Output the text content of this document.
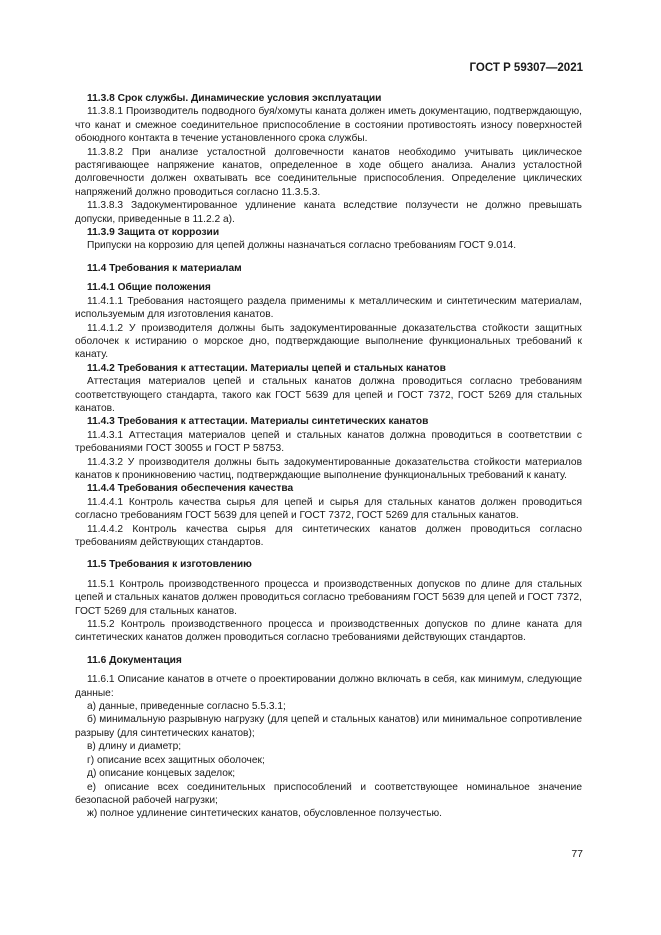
ГОСТ Р 59307—2021

11.3.8 Срок службы. Динамические условия эксплуатации

11.3.8.1 Производитель подводного буя/хомуты каната должен иметь документацию, подтверждающую, что канат и смежное соединительное приспособление в состоянии противостоять износу поверхностей обоюдного контакта в течение установленного срока службы.

11.3.8.2 При анализе усталостной долговечности канатов необходимо учитывать циклическое растягивающее напряжение канатов, определенное в ходе общего анализа. Анализ усталостной долговечности должен охватывать все соединительные приспособления. Определение циклических напряжений должно проводиться согласно 11.3.5.3.

11.3.8.3 Задокументированное удлинение каната вследствие ползучести не должно превышать допуски, приведенные в 11.2.2 а).

11.3.9 Защита от коррозии

Припуски на коррозию для цепей должны назначаться согласно требованиям ГОСТ 9.014.

11.4 Требования к материалам

11.4.1 Общие положения

11.4.1.1 Требования настоящего раздела применимы к металлическим и синтетическим материалам, используемым для изготовления канатов.

11.4.1.2 У производителя должны быть задокументированные доказательства стойкости защитных оболочек к истиранию о морское дно, подтверждающие выполнение функциональных требований к канату.

11.4.2 Требования к аттестации. Материалы цепей и стальных канатов

Аттестация материалов цепей и стальных канатов должна проводиться согласно требованиям соответствующего стандарта, такого как ГОСТ 5639 для цепей и ГОСТ 7372, ГОСТ 5269 для стальных канатов.

11.4.3 Требования к аттестации. Материалы синтетических канатов

11.4.3.1 Аттестация материалов цепей и стальных канатов должна проводиться в соответствии с требованиями ГОСТ 30055 и ГОСТ Р 58753.

11.4.3.2 У производителя должны быть задокументированные доказательства стойкости материалов канатов к проникновению частиц, подтверждающие выполнение функциональных требований к канату.

11.4.4 Требования обеспечения качества

11.4.4.1 Контроль качества сырья для цепей и сырья для стальных канатов должен проводиться согласно требованиям ГОСТ 5639 для цепей и ГОСТ 7372, ГОСТ 5269 для стальных канатов.

11.4.4.2 Контроль качества сырья для синтетических канатов должен проводиться согласно требованиям действующих стандартов.

11.5 Требования к изготовлению

11.5.1 Контроль производственного процесса и производственных допусков по длине для стальных цепей и стальных канатов должен проводиться согласно требованиям ГОСТ 5639 для цепей и ГОСТ 7372, ГОСТ 5269 для стальных канатов.

11.5.2 Контроль производственного процесса и производственных допусков по длине каната для синтетических канатов должен проводиться согласно требованиями действующих стандартов.

11.6 Документация

11.6.1 Описание канатов в отчете о проектировании должно включать в себя, как минимум, следующие данные:

а) данные, приведенные согласно 5.5.3.1;

б) минимальную разрывную нагрузку (для цепей и стальных канатов) или минимальное сопротивление разрыву (для синтетических канатов);

в) длину и диаметр;

г) описание всех защитных оболочек;

д) описание концевых заделок;

е) описание всех соединительных приспособлений и соответствующее номинальное значение безопасной рабочей нагрузки;

ж) полное удлинение синтетических канатов, обусловленное ползучестью.

77
